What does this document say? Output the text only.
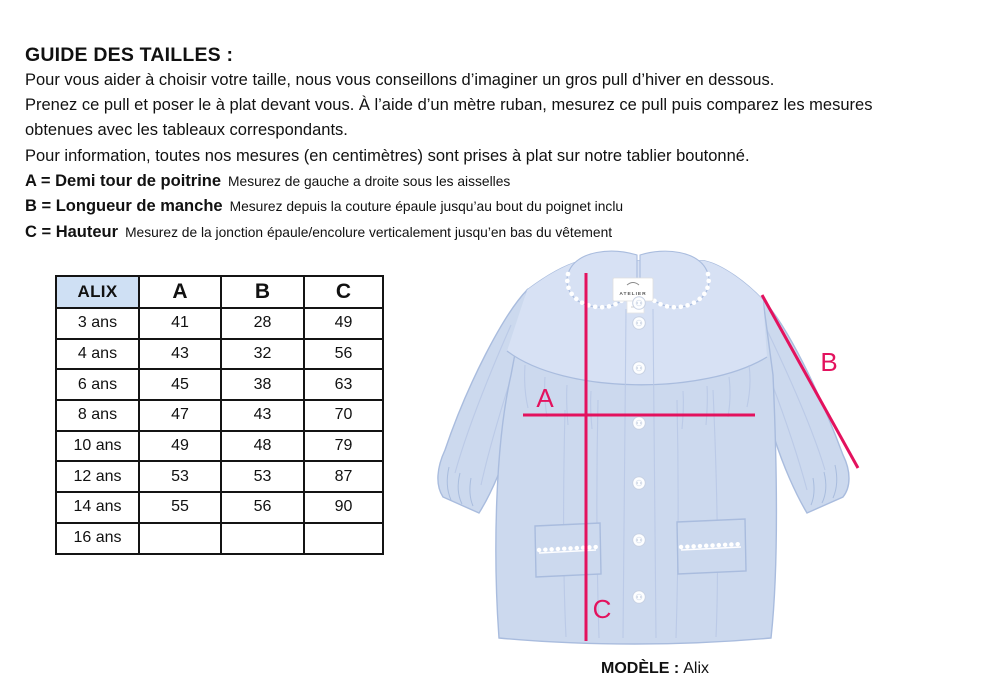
GUIDE DES TAILLES :
Pour vous aider à choisir votre taille, nous vous conseillons d’imaginer un gros pull d’hiver en dessous.
Prenez ce pull et poser le à plat devant vous. À l’aide d’un mètre ruban, mesurez ce pull puis comparez les mesures
obtenues avec les tableaux correspondants.
Pour information, toutes nos mesures (en centimètres) sont prises à plat sur notre tablier boutonné.
A = Demi tour de poitrine Mesurez de gauche a droite sous les aisselles
B = Longueur de manche Mesurez depuis la couture épaule jusqu’au bout du poignet inclu
C = Hauteur Mesurez de la jonction épaule/encolure verticalement jusqu’en bas du vêtement
ALIX	A	B	C
3 ans	41	28	49
4 ans	43	32	56
6 ans	45	38	63
8 ans	47	43	70
10 ans	49	48	79
12 ans	53	53	87
14 ans	55	56	90
16 ans			
ATELIER
A
B
C
MODÈLE : Alix
